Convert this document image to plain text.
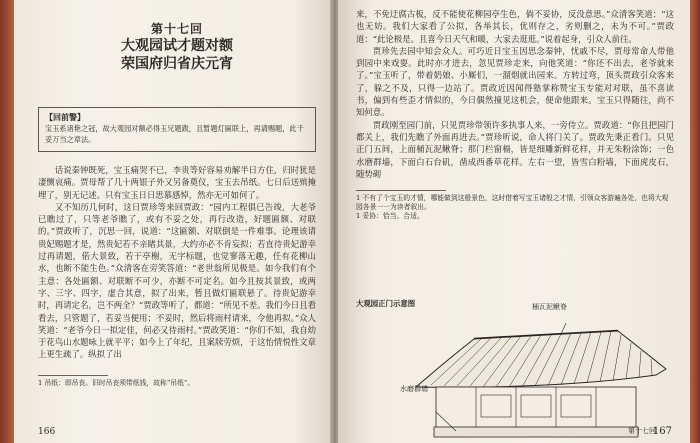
第十七回
大观园试才题对额
荣国府归省庆元宵
【回前警】
宝玉系诸艳之冠，故大观园对额必得玉兄题跋，且暂题灯匾联上，再请赐题，此千妥万当之章法。

话说秦钟既死，宝玉痛哭不已，李贵等好容易劝解半日方住，归时犹是凄恻哀痛。贾母帮了几十两银子外又另备奠仪，宝玉去吊纸。七日后送殡掩埋了，别无记述。只有宝玉日日思慕感悼，然亦无可如何了。

又不知历几何时，这日贾珍等来回贾政：“园内工程俱已告竣，大老爷已瞧过了，只等老爷瞧了，或有不妥之处，再行改造，好题匾额、对联的。”贾政听了，沉思一回，说道：“这匾额、对联倒是一件难事。论理该请贵妃赐题才是，然贵妃若不亲睹其景，大约亦必不肯妄拟；若直待贵妃游幸过再请题，偌大景致，若干亭榭，无字标题，也觉寥落无趣，任有花柳山水，也断不能生色。”众清客在旁笑答道：“老世翁所见极是。如今我们有个主意：各处匾额、对联断不可少，亦断不可定名。如今且按其景致，或两字、三字、四字，虚合其意，拟了出来，暂且做灯匾联悬了。待贵妃游幸时，再请定名，岂不两全？”贾政等听了，都道：“所见不差。我们今日且看看去，只管题了，若妥当便用；不妥时，然后将雨村请来，令他再拟。”众人笑道：“老爷今日一拟定佳，何必又待雨村。”贾政笑道：“你们不知，我自幼于花鸟山水题咏上就平平；如今上了年纪，且案牍劳烦，于这怡情悦性文章上更生疏了。纵拟了出

1 吊纸：即吊丧。旧时吊丧须带纸钱，故称“吊纸”。
166

来，不免迂腐古板，反不能使花柳园亭生色，倘不妥协，反没意思。”众清客笑道：“这也无妨。我们大家看了公拟，各举其长，优则存之，劣则删之，未为不可。”贾政道：“此论极是。且喜今日天气和暖，大家去逛逛。”说着起身，引众人前往。

贾珍先去园中知会众人。可巧近日宝玉因思念秦钟，忧戚不尽，贾母常命人带他到园中来戏耍。此时亦才进去，忽见贾珍走来，向他笑道：“你还不出去，老爷就来了。”宝玉听了，带着奶娘、小厮们，一溜烟就出园来。方转过弯，顶头贾政引众客来了，躲之不及，只得一边站了。贾政近因闻得塾掌称赞宝玉专能对对联，虽不喜读书，偏到有些歪才情似的，今日偶然撞见这机会，便命他跟来。宝玉只得随往，尚不知何意。

贾政刚至园门前，只见贾珍带领许多执事人来，一旁侍立。贾政道：“你且把园门都关上，我们先瞧了外面再进去。”贾珍听说，命人将门关了。贾政先秉正看门。只见正门五间，上面桶瓦泥鳅脊；那门栏窗槅，皆是细雕新鲜花样，并无朱粉涂饰；一色水磨群墙，下面白石台矶，凿成西番草花样。左右一望，皆雪白粉墙，下面虎皮石，随势砌

1 不有了个宝玉的才情，哪能做到这般景色，这时借着写宝玉诸般之才情，引领众客游遍各处，也将大观园各景一一为读者叙出。
1 妥协：恰当、合适。
大观园正门示意图	桶瓦泥鳅脊
水磨群墙
第十七回
167
